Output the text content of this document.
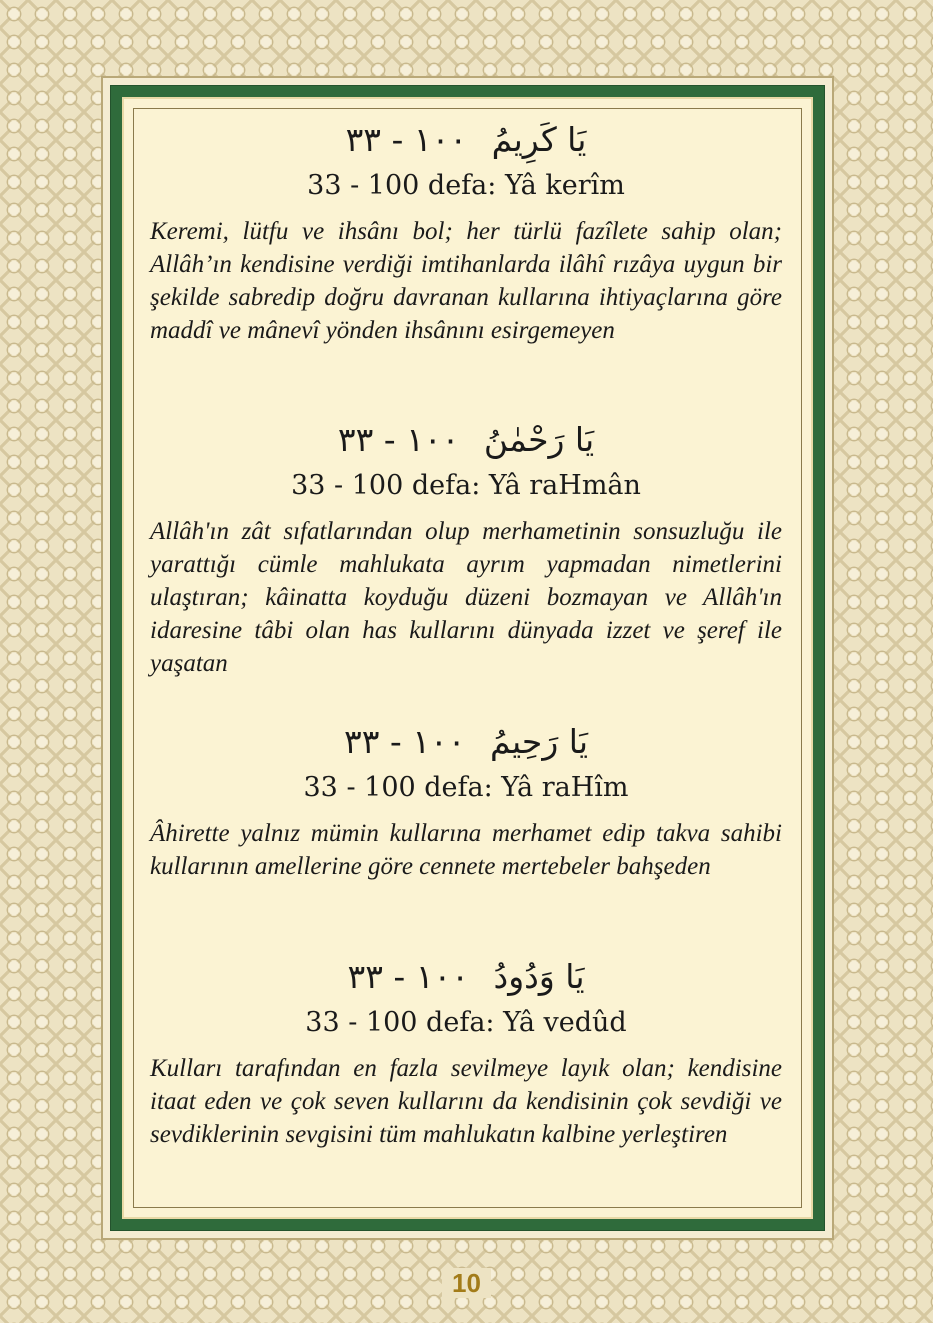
يَا كَرِيمُ ١٠٠ - ٣٣
33 - 100 defa: Yâ kerîm
Keremi, lütfu ve ihsânı bol; her türlü fazîlete sahip olan; Allâh’ın kendisine verdiği imtihanlarda ilâhî rızâya uygun bir şekilde sabredip doğru davranan kullarına ihtiyaçlarına göre maddî ve mânevî yönden ihsânını esirgemeyen
يَا رَحْمٰنُ ١٠٠ - ٣٣
33 - 100 defa: Yâ raHmân
Allâh'ın zât sıfatlarından olup merhametinin sonsuzluğu ile yarattığı cümle mahlukata ayrım yapmadan nimetlerini ulaştıran; kâinatta koyduğu düzeni bozmayan ve Allâh'ın idaresine tâbi olan has kullarını dünyada izzet ve şeref ile yaşatan
يَا رَحِيمُ ١٠٠ - ٣٣
33 - 100 defa: Yâ raHîm
Âhirette yalnız mümin kullarına merhamet edip takva sahibi kullarının amellerine göre cennete mertebeler bahşeden
يَا وَدُودُ ١٠٠ - ٣٣
33 - 100 defa: Yâ vedûd
Kulları tarafından en fazla sevilmeye layık olan; kendisine itaat eden ve çok seven kullarını da kendisinin çok sevdiği ve sevdiklerinin sevgisini tüm mahlukatın kalbine yerleştiren
10
